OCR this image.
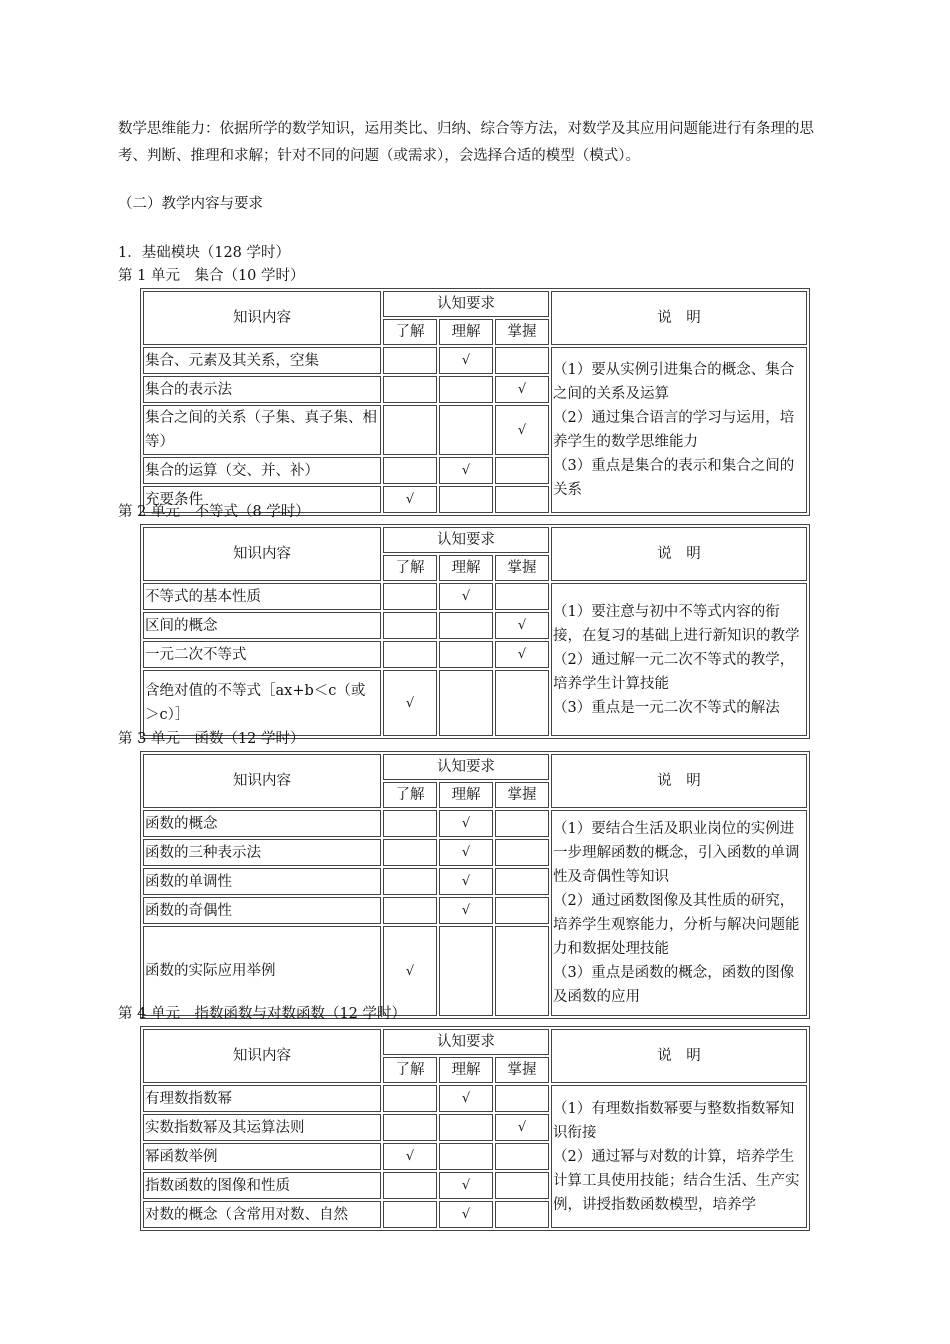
数学思维能力：依据所学的数学知识，运用类比、归纳、综合等方法，对数学及其应用问题能进行有条理的思考、判断、推理和求解；针对不同的问题（或需求），会选择合适的模型（模式）。

（二）教学内容与要求

1．基础模块（128 学时）

第 1 单元　集合（10 学时）

知识内容	认知要求			说　明
	了解	理解	掌握	
集合、元素及其关系，空集		√		（1）要从实例引进集合的概念、集合之间的关系及运算

（2）通过集合语言的学习与运用，培养学生的数学思维能力

（3）重点是集合的表示和集合之间的关系

集合的表示法			√	
集合之间的关系（子集、真子集、相等）			√	
集合的运算（交、并、补）		√		
充要条件	√			

第 2 单元　不等式（8 学时）

知识内容	认知要求			说　明
	了解	理解	掌握	
不等式的基本性质		√		（1）要注意与初中不等式内容的衔接，在复习的基础上进行新知识的教学

（2）通过解一元二次不等式的教学，培养学生计算技能

（3）重点是一元二次不等式的解法

区间的概念			√	
一元二次不等式			√	
含绝对值的不等式［ax+b＜c（或＞c）］	√			

第 3 单元　函数（12 学时）

知识内容	认知要求			说　明
	了解	理解	掌握	
函数的概念		√		（1）要结合生活及职业岗位的实例进一步理解函数的概念，引入函数的单调性及奇偶性等知识

（2）通过函数图像及其性质的研究，培养学生观察能力，分析与解决问题能力和数据处理技能

（3）重点是函数的概念，函数的图像及函数的应用

函数的三种表示法		√		
函数的单调性		√		
函数的奇偶性		√		
函数的实际应用举例	√			

第 4 单元　指数函数与对数函数（12 学时）

知识内容	认知要求			说　明
	了解	理解	掌握	
有理数指数幂		√		（1）有理数指数幂要与整数指数幂知识衔接

（2）通过幂与对数的计算，培养学生计算工具使用技能；结合生活、生产实例，讲授指数函数模型，培养学

实数指数幂及其运算法则			√	
幂函数举例	√			
指数函数的图像和性质		√		
对数的概念（含常用对数、自然		√		
